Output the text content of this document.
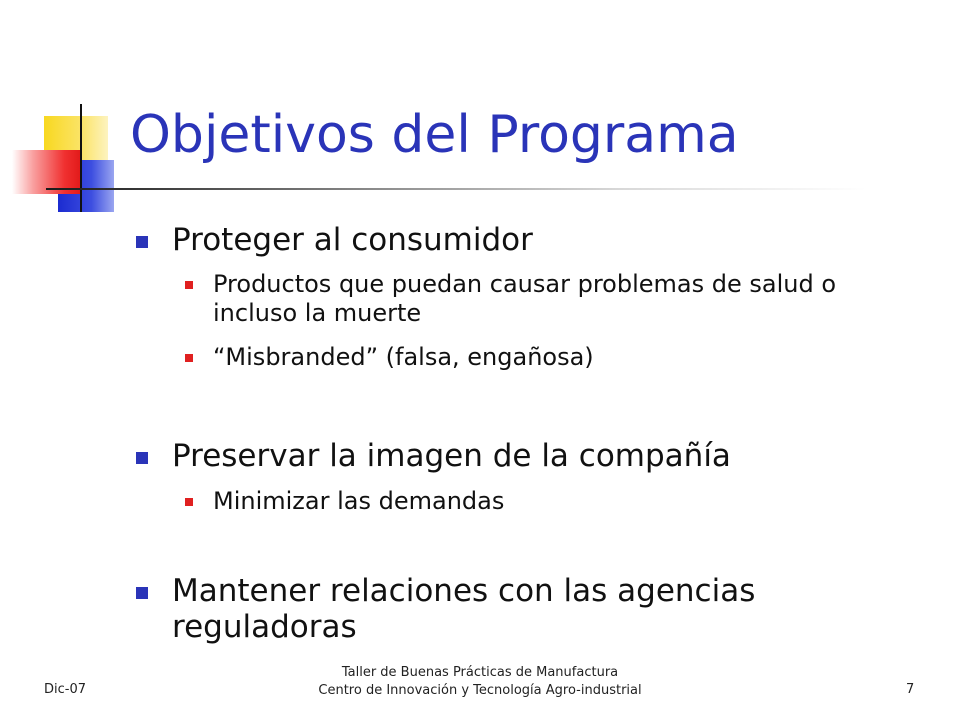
Objetivos del Programa
Proteger al consumidor
Productos que puedan causar problemas de salud o incluso la muerte
“Misbranded” (falsa, engañosa)
Preservar la imagen de la compañía
Minimizar las demandas
Mantener relaciones con las agencias reguladoras
Dic-07
Taller de Buenas Prácticas de Manufactura
Centro de Innovación y Tecnología Agro-industrial	7
